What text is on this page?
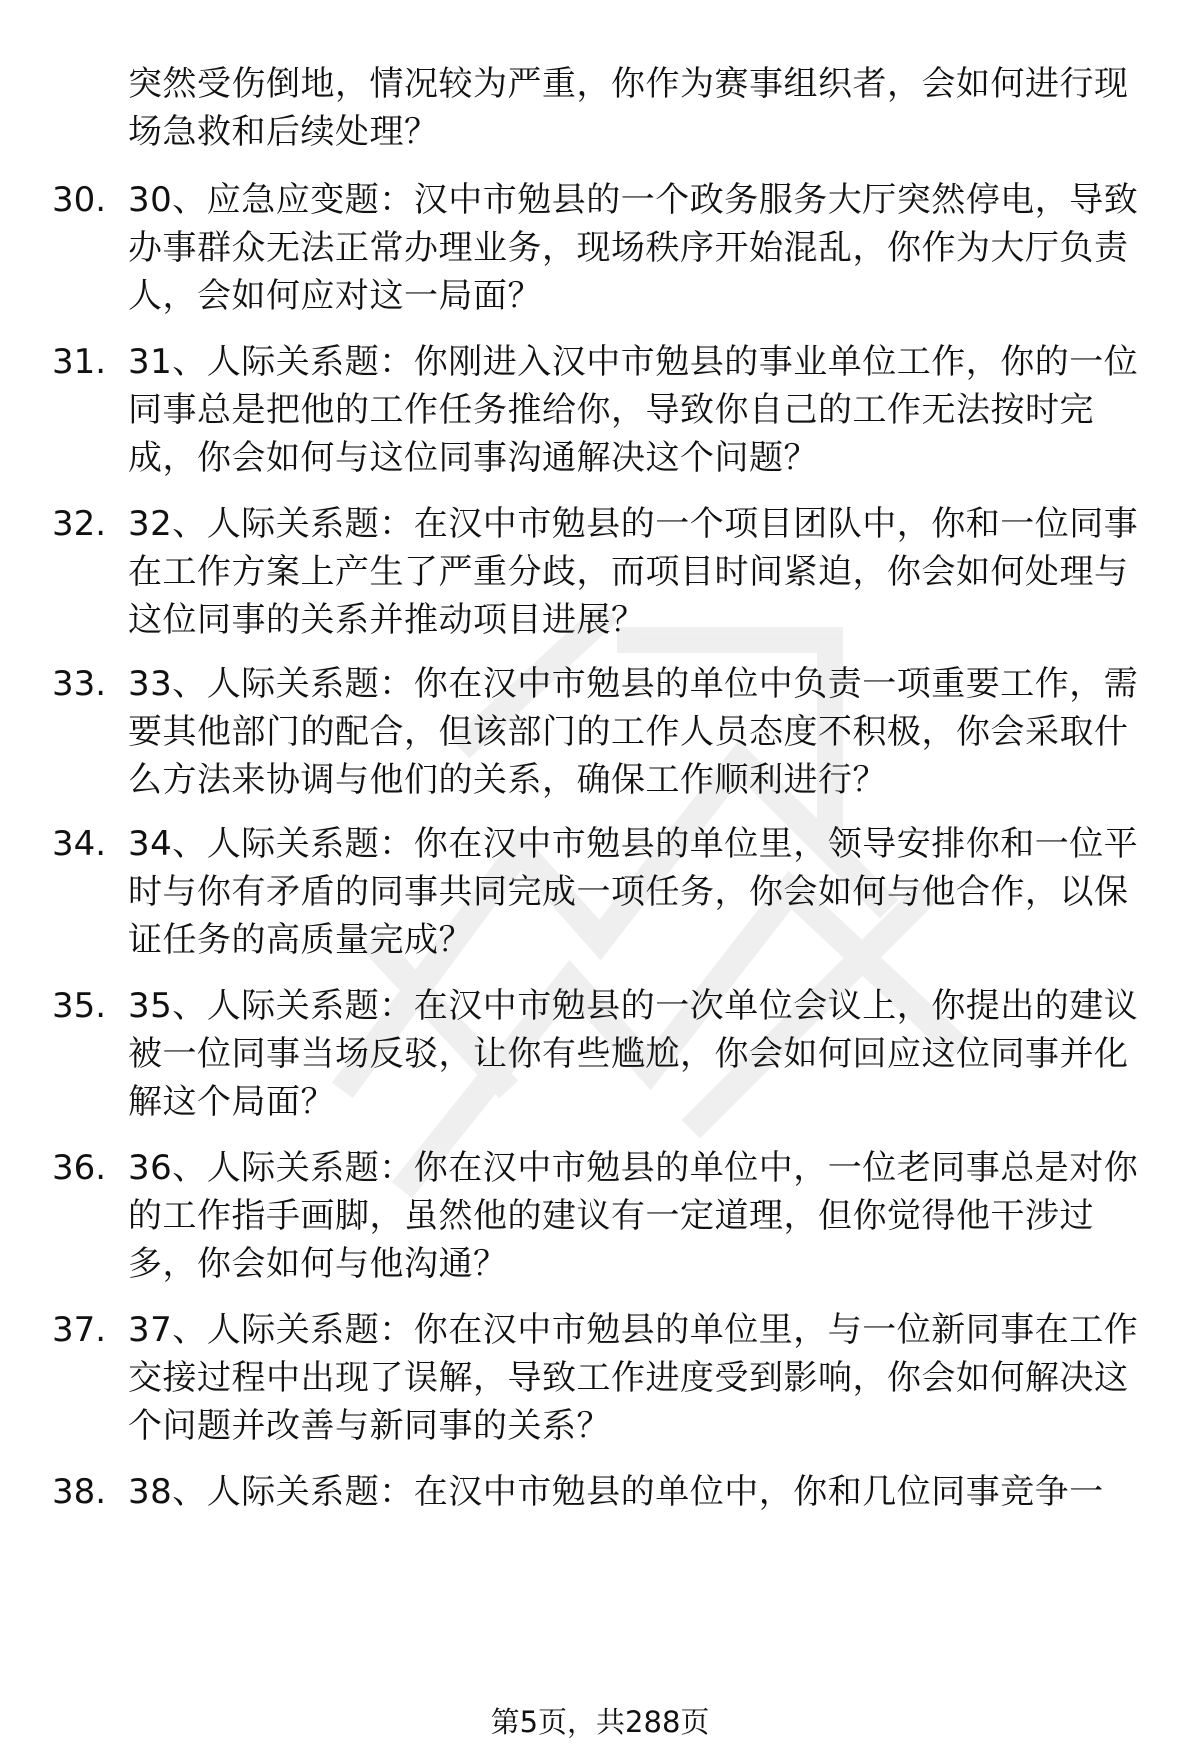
突然受伤倒地，情况较为严重，你作为赛事组织者，会如何进行现场急救和后续处理？
30. 30、应急应变题：汉中市勉县的一个政务服务大厅突然停电，导致办事群众无法正常办理业务，现场秩序开始混乱，你作为大厅负责人，会如何应对这一局面？
31. 31、人际关系题：你刚进入汉中市勉县的事业单位工作，你的一位同事总是把他的工作任务推给你，导致你自己的工作无法按时完成，你会如何与这位同事沟通解决这个问题？
32. 32、人际关系题：在汉中市勉县的一个项目团队中，你和一位同事在工作方案上产生了严重分歧，而项目时间紧迫，你会如何处理与这位同事的关系并推动项目进展？
33. 33、人际关系题：你在汉中市勉县的单位中负责一项重要工作，需要其他部门的配合，但该部门的工作人员态度不积极，你会采取什么方法来协调与他们的关系，确保工作顺利进行？
34. 34、人际关系题：你在汉中市勉县的单位里，领导安排你和一位平时与你有矛盾的同事共同完成一项任务，你会如何与他合作，以保证任务的高质量完成？
35. 35、人际关系题：在汉中市勉县的一次单位会议上，你提出的建议被一位同事当场反驳，让你有些尴尬，你会如何回应这位同事并化解这个局面？
36. 36、人际关系题：你在汉中市勉县的单位中，一位老同事总是对你的工作指手画脚，虽然他的建议有一定道理，但你觉得他干涉过多，你会如何与他沟通？
37. 37、人际关系题：你在汉中市勉县的单位里，与一位新同事在工作交接过程中出现了误解，导致工作进度受到影响，你会如何解决这个问题并改善与新同事的关系？
38. 38、人际关系题：在汉中市勉县的单位中，你和几位同事竞争一
第5页，共288页
